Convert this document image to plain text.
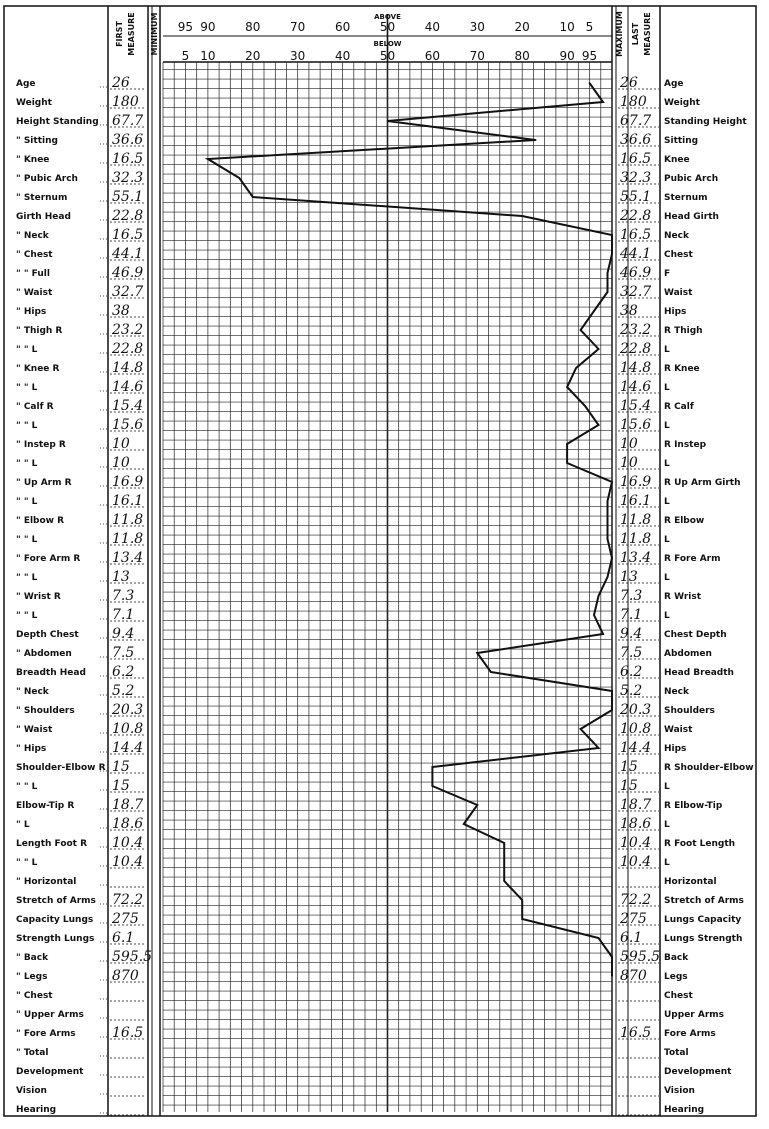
FIRST MEASURE MINIMUM	MAXIMUM LAST MEASURE
ABOVE
BELOW
95 90 80 70 60 50 40 30 20 10 5
5 10 20 30 40 50 60 70 80 90 95
Age	26	26	Age
Weight	180	180 Weight
Height Standing 67.7	67.7 Standing Height
" Sitting	36.6	36.6 Sitting
" Knee	16.5	16.5 Knee
" Pubic Arch 32.3	32.3 Pubic Arch
" Sternum	55.1	55.1 Sternum
Girth Head	22.8	22.8 Head Girth
" Neck	16.5	16.5 Neck
" Chest	44.1	44.1 Chest
" " Full	46.9	46.9 F
" Waist	32.7	32.7 Waist
" Hips	38	38	Hips
" Thigh R	23.2	23.2 R Thigh
" " L	22.8	22.8 L
" Knee R	14.8	14.8 R Knee
" " L	14.6	14.6 L
" Calf R	15.4	15.4 R Calf
" " L	15.6	15.6 L
" Instep R	10	10	R Instep
" " L	10	10	L
" Up Arm R	16.9	16.9 R Up Arm Girth
" " L	16.1	16.1 L
" Elbow R	11.8	11.8 R Elbow
" " L	11.8	11.8 L
" Fore Arm R 13.4	13.4 R Fore Arm
" " L	13	13	L
" Wrist R	7.3	7.3 R Wrist
" " L	7.1	7.1 L
Depth Chest 9.4	9.4 Chest Depth
" Abdomen	7.5	7.5 Abdomen
Breadth Head 6.2	6.2 Head Breadth
" Neck	5.2	5.2 Neck
" Shoulders	20.3	20.3 Shoulders
" Waist	10.8	10.8 Waist
" Hips	14.4	14.4 Hips
Shoulder-Elbow R 15	15	R Shoulder-Elbow
" " L	15	15	L
Elbow-Tip R	18.7	18.7 R Elbow-Tip
" L	18.6	18.6 L
Length Foot R 10.4	10.4 R Foot Length
" " L	10.4	10.4 L
" Horizontal	Horizontal
Stretch of Arms 72.2	72.2 Stretch of Arms
Capacity Lungs 275	275 Lungs Capacity
Strength Lungs 6.1	6.1 Lungs Strength
" Back	595.5	595.5 Back
" Legs	870	870 Legs
" Chest	Chest
" Upper Arms	Upper Arms
" Fore Arms	16.5	16.5 Fore Arms
" Total	Total
Development	Development
Vision	Vision
Hearing	Hearing
